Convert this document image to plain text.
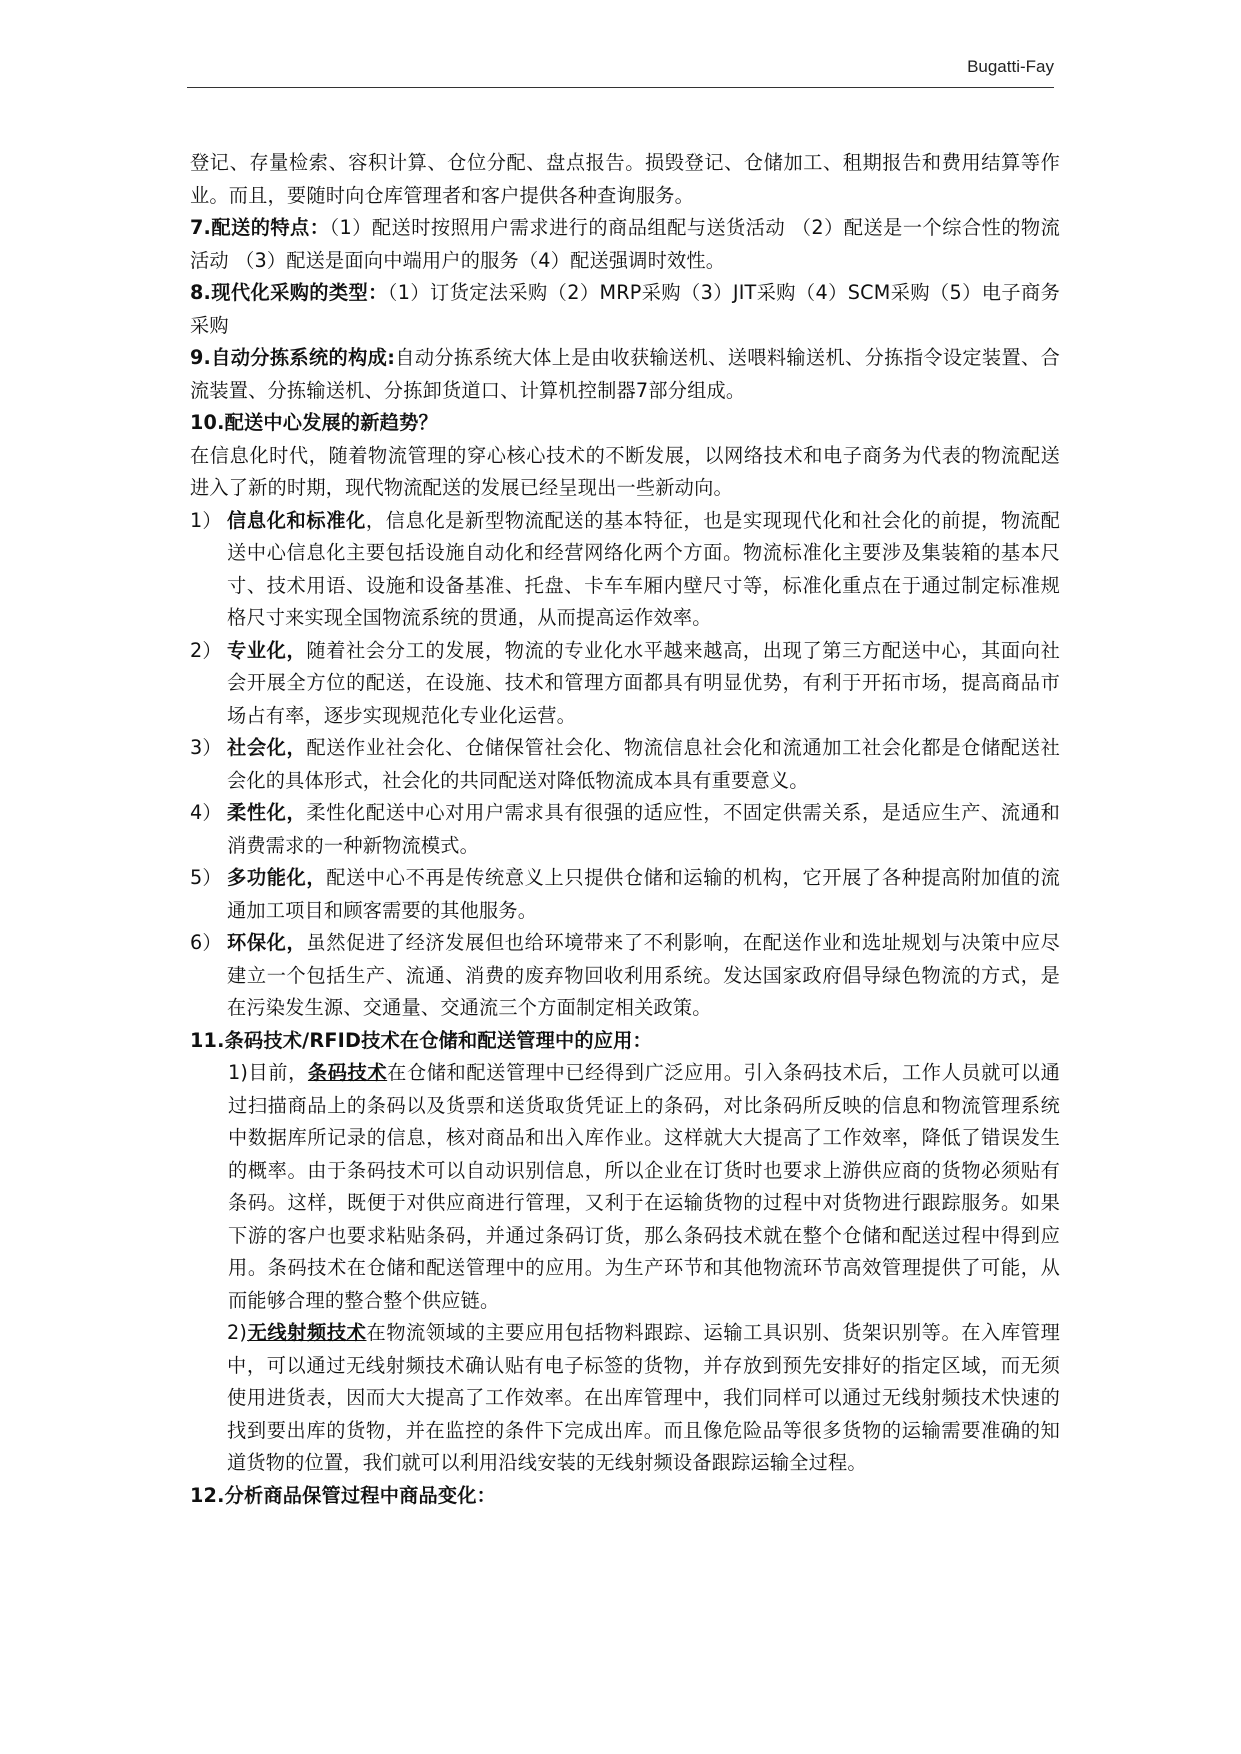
Bugatti-Fay

登记、存量检索、容积计算、仓位分配、盘点报告。损毁登记、仓储加工、租期报告和费用结算等作业。而且，要随时向仓库管理者和客户提供各种查询服务。

7.配送的特点：（1）配送时按照用户需求进行的商品组配与送货活动 （2）配送是一个综合性的物流活动 （3）配送是面向中端用户的服务（4）配送强调时效性。

8.现代化采购的类型：（1）订货定法采购（2）MRP采购（3）JIT采购（4）SCM采购（5）电子商务采购

9.自动分拣系统的构成:自动分拣系统大体上是由收获输送机、送喂料输送机、分拣指令设定装置、合流装置、分拣输送机、分拣卸货道口、计算机控制器7部分组成。

10.配送中心发展的新趋势？

在信息化时代，随着物流管理的穿心核心技术的不断发展，以网络技术和电子商务为代表的物流配送进入了新的时期，现代物流配送的发展已经呈现出一些新动向。

1） 信息化和标准化，信息化是新型物流配送的基本特征，也是实现现代化和社会化的前提，物流配送中心信息化主要包括设施自动化和经营网络化两个方面。物流标准化主要涉及集装箱的基本尺寸、技术用语、设施和设备基准、托盘、卡车车厢内壁尺寸等，标准化重点在于通过制定标准规格尺寸来实现全国物流系统的贯通，从而提高运作效率。

2） 专业化，随着社会分工的发展，物流的专业化水平越来越高，出现了第三方配送中心，其面向社会开展全方位的配送，在设施、技术和管理方面都具有明显优势，有利于开拓市场，提高商品市场占有率，逐步实现规范化专业化运营。

3） 社会化，配送作业社会化、仓储保管社会化、物流信息社会化和流通加工社会化都是仓储配送社会化的具体形式，社会化的共同配送对降低物流成本具有重要意义。

4） 柔性化，柔性化配送中心对用户需求具有很强的适应性，不固定供需关系，是适应生产、流通和消费需求的一种新物流模式。

5） 多功能化，配送中心不再是传统意义上只提供仓储和运输的机构，它开展了各种提高附加值的流通加工项目和顾客需要的其他服务。

6） 环保化，虽然促进了经济发展但也给环境带来了不利影响，在配送作业和选址规划与决策中应尽建立一个包括生产、流通、消费的废弃物回收利用系统。发达国家政府倡导绿色物流的方式，是在污染发生源、交通量、交通流三个方面制定相关政策。

11.条码技术/RFID技术在仓储和配送管理中的应用：

1)目前，条码技术在仓储和配送管理中已经得到广泛应用。引入条码技术后，工作人员就可以通过扫描商品上的条码以及货票和送货取货凭证上的条码，对比条码所反映的信息和物流管理系统中数据库所记录的信息，核对商品和出入库作业。这样就大大提高了工作效率，降低了错误发生的概率。由于条码技术可以自动识别信息，所以企业在订货时也要求上游供应商的货物必须贴有条码。这样，既便于对供应商进行管理，又利于在运输货物的过程中对货物进行跟踪服务。如果下游的客户也要求粘贴条码，并通过条码订货，那么条码技术就在整个仓储和配送过程中得到应用。条码技术在仓储和配送管理中的应用。为生产环节和其他物流环节高效管理提供了可能，从而能够合理的整合整个供应链。

2)无线射频技术在物流领域的主要应用包括物料跟踪、运输工具识别、货架识别等。在入库管理中，可以通过无线射频技术确认贴有电子标签的货物，并存放到预先安排好的指定区域，而无须使用进货表，因而大大提高了工作效率。在出库管理中，我们同样可以通过无线射频技术快速的找到要出库的货物，并在监控的条件下完成出库。而且像危险品等很多货物的运输需要准确的知道货物的位置，我们就可以利用沿线安装的无线射频设备跟踪运输全过程。

12.分析商品保管过程中商品变化：
